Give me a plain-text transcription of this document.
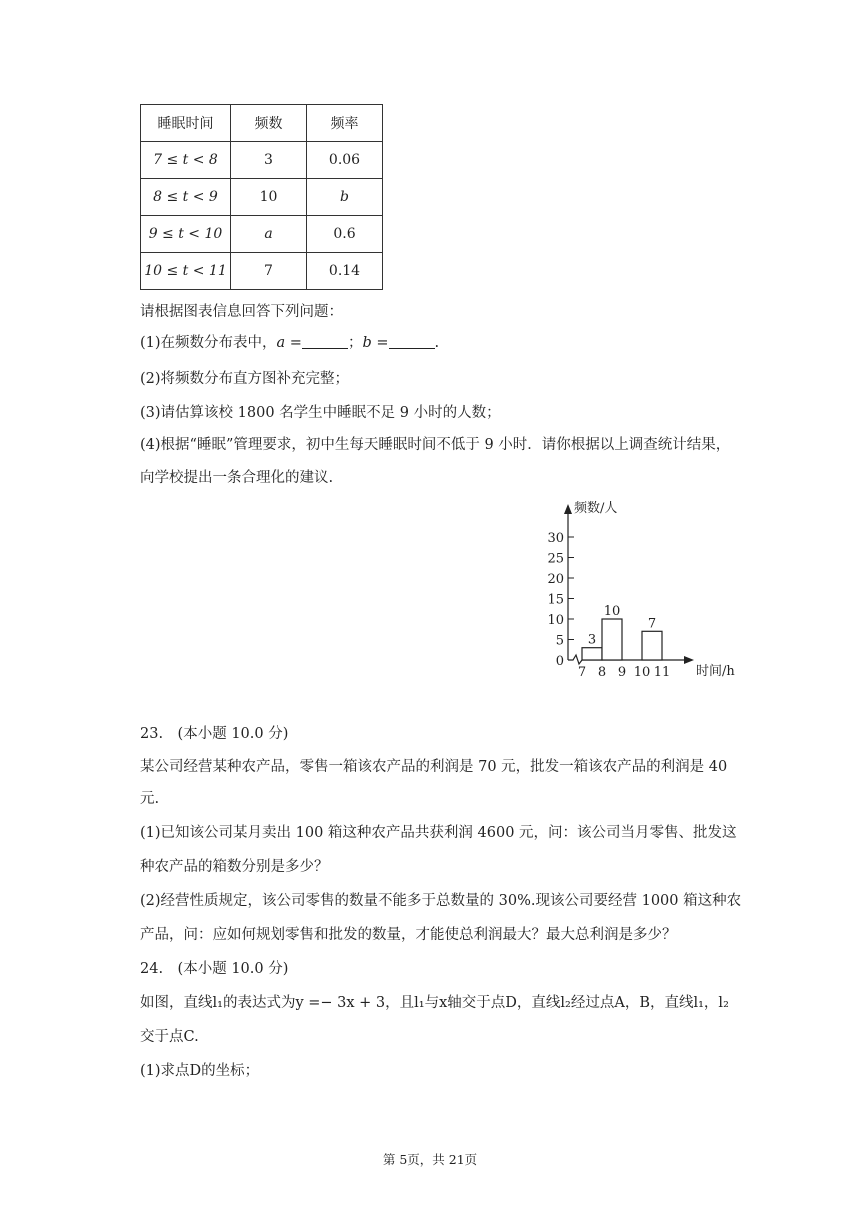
睡眠时间	频数	频率
7 ≤ t < 8	3	0.06
8 ≤ t < 9	10	b
9 ≤ t < 10	a	0.6
10 ≤ t < 11	7	0.14
请根据图表信息回答下列问题：
(1)在频数分布表中，a =	；b =	.
(2)将频数分布直方图补充完整；
(3)请估算该校 1800 名学生中睡眠不足 9 小时的人数；
(4)根据“睡眠”管理要求，初中生每天睡眠时间不低于 9 小时．请你根据以上调查统计结果，
向学校提出一条合理化的建议.
频数/人
时间/h
30
25
20
15
10
5
0
7 8 9 10 11
3
10
7
23.　(本小题 10.0 分)
某公司经营某种农产品，零售一箱该农产品的利润是 70 元，批发一箱该农产品的利润是 40
元.
(1)已知该公司某月卖出 100 箱这种农产品共获利润 4600 元，问：该公司当月零售、批发这
种农产品的箱数分别是多少？
(2)经营性质规定，该公司零售的数量不能多于总数量的 30%.现该公司要经营 1000 箱这种农
产品，问：应如何规划零售和批发的数量，才能使总利润最大？最大总利润是多少？
24.　(本小题 10.0 分)
如图，直线l₁的表达式为y =− 3x + 3，且l₁与x轴交于点D，直线l₂经过点A，B，直线l₁，l₂
交于点C.
(1)求点D的坐标；
第 5页，共 21页
